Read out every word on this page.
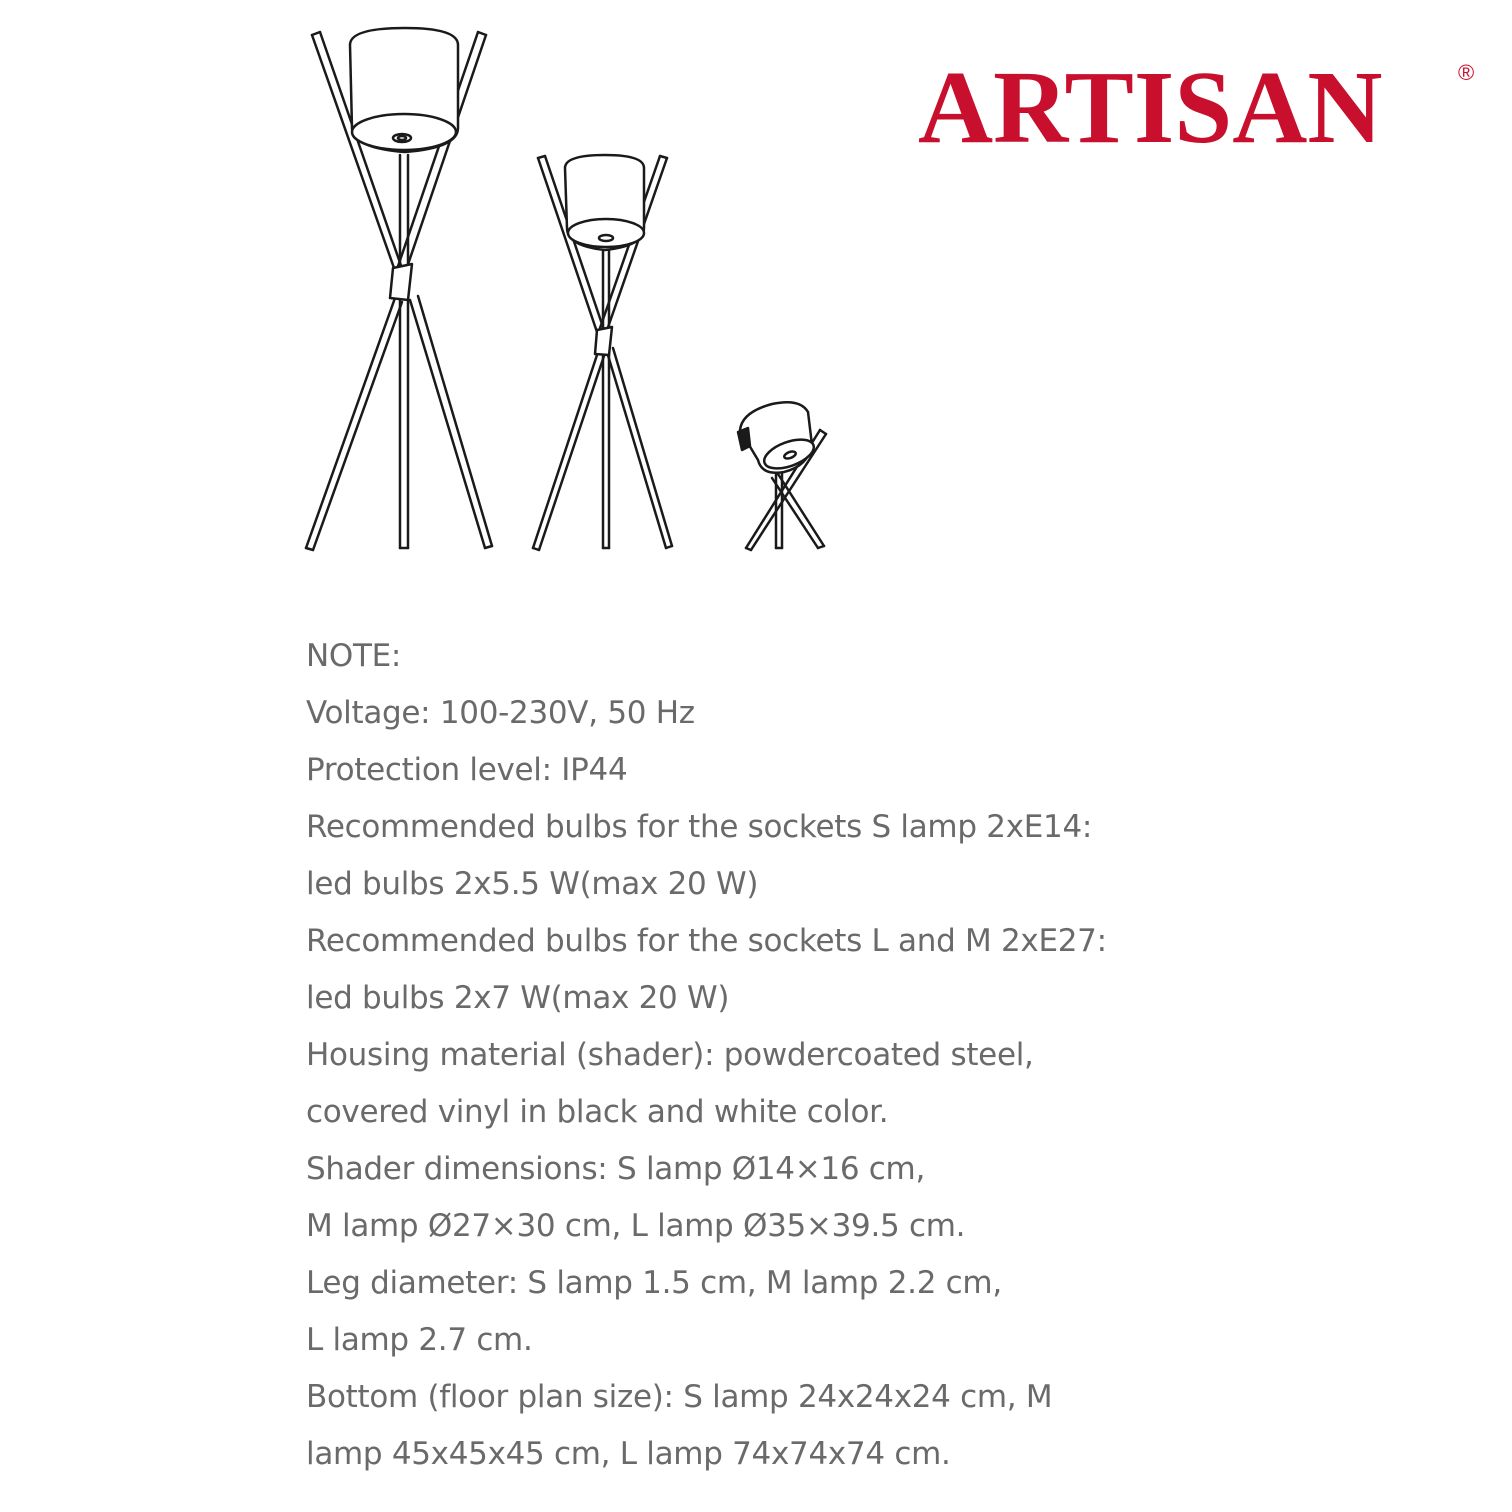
ARTISAN	®
NOTE:
Voltage: 100-230V, 50 Hz
Protection level: IP44
Recommended bulbs for the sockets S lamp 2xE14:
led bulbs 2x5.5 W(max 20 W)
Recommended bulbs for the sockets L and M 2xE27:
led bulbs 2x7 W(max 20 W)
Housing material (shader): powdercoated steel,
covered vinyl in black and white color.
Shader dimensions: S lamp Ø14×16 cm,
M lamp Ø27×30 cm, L lamp Ø35×39.5 cm.
Leg diameter: S lamp 1.5 cm, M lamp 2.2 cm,
L lamp 2.7 cm.
Bottom (floor plan size): S lamp 24x24x24 cm, M
lamp 45x45x45 cm, L lamp 74x74x74 cm.
